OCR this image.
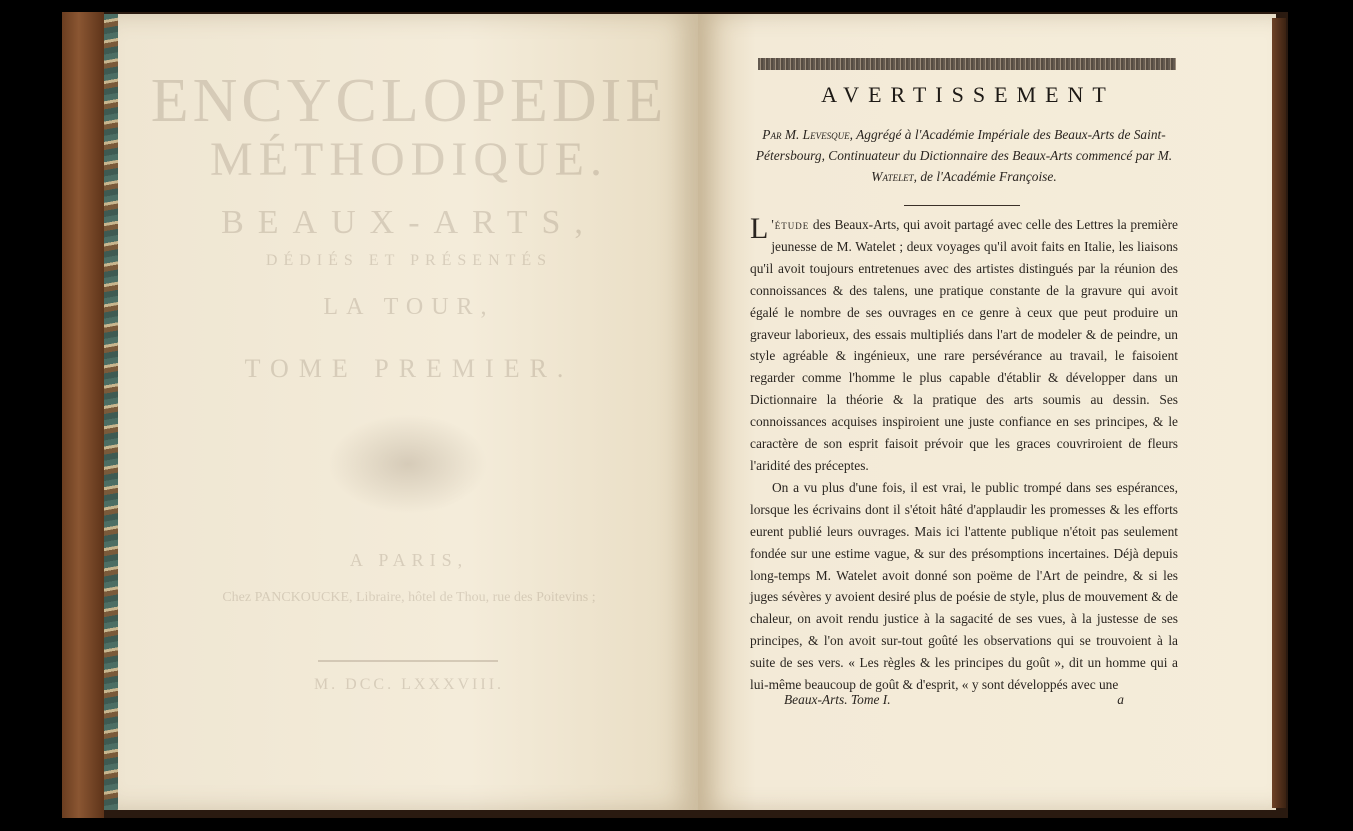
ENCYCLOPEDIE
MÉTHODIQUE.
BEAUX-ARTS,
DÉDIÉS ET PRÉSENTÉS
LA TOUR,
TOME PREMIER.
A PARIS,
Chez PANCKOUCKE, Libraire, hôtel de Thou, rue des Poitevins ;
M. DCC. LXXXVIII.
AVERTISSEMENT
Par M. Levesque, Aggrégé à l'Académie Impériale des Beaux-Arts de Saint-Pétersbourg, Continuateur du Dictionnaire des Beaux-Arts commencé par M. Watelet, de l'Académie Françoise.

L 'étude des Beaux-Arts, qui avoit partagé avec celle des Lettres la première jeunesse de M. Watelet ; deux voyages qu'il avoit faits en Italie, les liaisons qu'il avoit toujours entretenues avec des artistes distingués par la réunion des connoissances & des talens, une pratique constante de la gravure qui avoit égalé le nombre de ses ouvrages en ce genre à ceux que peut produire un graveur laborieux, des essais multipliés dans l'art de modeler & de peindre, un style agréable & ingénieux, une rare persévérance au travail, le faisoient regarder comme l'homme le plus capable d'établir & développer dans un Dictionnaire la théorie & la pratique des arts soumis au dessin. Ses connoissances acquises inspiroient une juste confiance en ses principes, & le caractère de son esprit faisoit prévoir que les graces couvriroient de fleurs l'aridité des préceptes.

On a vu plus d'une fois, il est vrai, le public trompé dans ses espérances, lorsque les écrivains dont il s'étoit hâté d'applaudir les promesses & les efforts eurent publié leurs ouvrages. Mais ici l'attente publique n'étoit pas seulement fondée sur une estime vague, & sur des présomptions incertaines. Déjà depuis long-temps M. Watelet avoit donné son poëme de l'Art de peindre, & si les juges sévères y avoient desiré plus de poésie de style, plus de mouvement & de chaleur, on avoit rendu justice à la sagacité de ses vues, à la justesse de ses principes, & l'on avoit sur-tout goûté les observations qui se trouvoient à la suite de ses vers. « Les règles & les principes du goût », dit un homme qui a lui-même beaucoup de goût & d'esprit, « y sont développés avec une

Beaux-Arts. Tome I.	a
